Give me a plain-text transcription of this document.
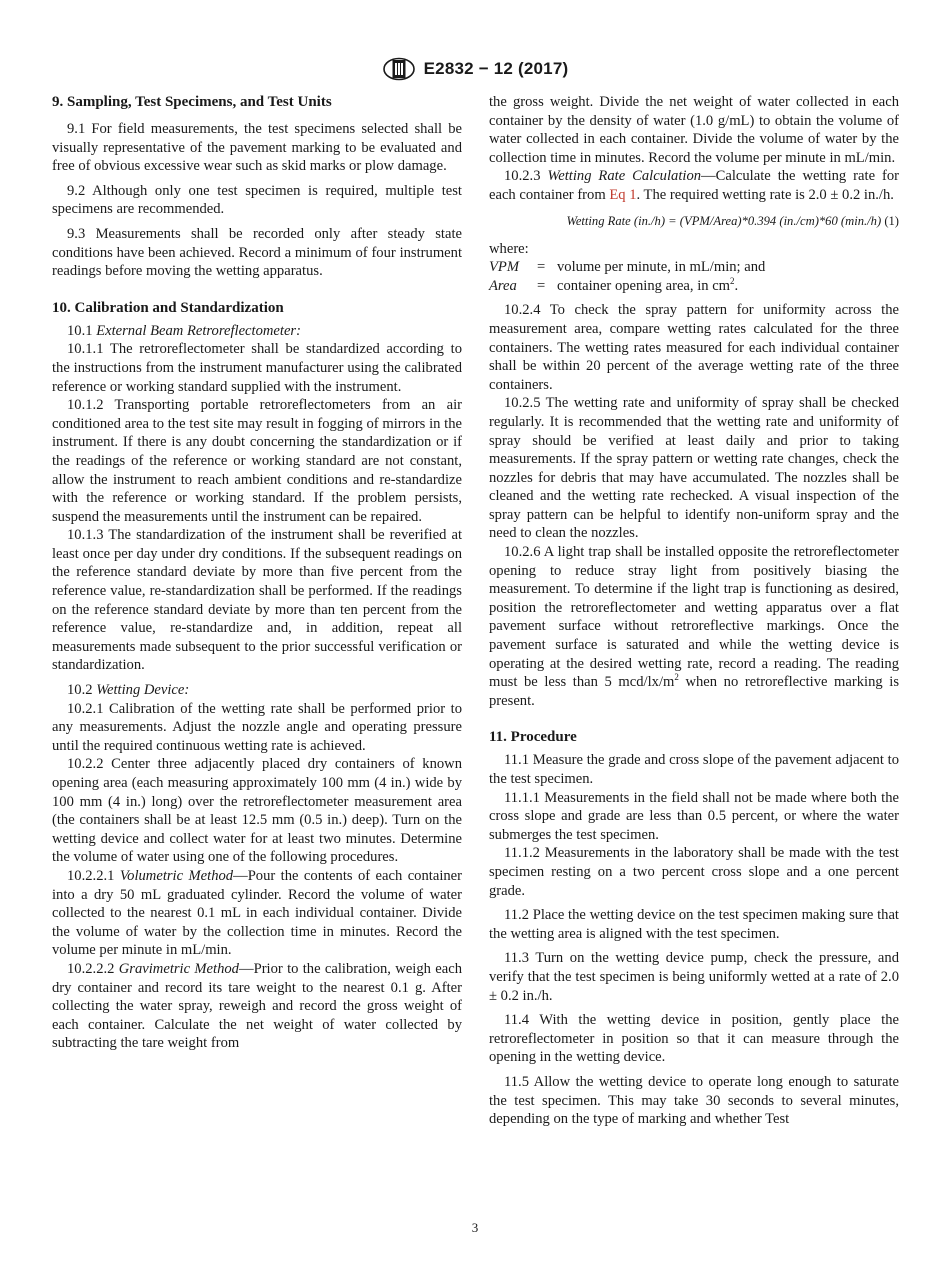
E2832 − 12 (2017)
9. Sampling, Test Specimens, and Test Units

9.1 For field measurements, the test specimens selected shall be visually representative of the pavement marking to be evaluated and free of obvious excessive wear such as skid marks or plow damage.

9.2 Although only one test specimen is required, multiple test specimens are recommended.

9.3 Measurements shall be recorded only after steady state conditions have been achieved. Record a minimum of four instrument readings before moving the wetting apparatus.

10. Calibration and Standardization

10.1 External Beam Retroreflectometer:

10.1.1 The retroreflectometer shall be standardized according to the instructions from the instrument manufacturer using the calibrated reference or working standard supplied with the instrument.

10.1.2 Transporting portable retroreflectometers from an air conditioned area to the test site may result in fogging of mirrors in the instrument. If there is any doubt concerning the standardization or if the readings of the reference or working standard are not constant, allow the instrument to reach ambient conditions and re-standardize with the reference or working standard. If the problem persists, suspend the measurements until the instrument can be repaired.

10.1.3 The standardization of the instrument shall be reverified at least once per day under dry conditions. If the subsequent readings on the reference standard deviate by more than five percent from the reference value, re-standardization shall be performed. If the readings on the reference standard deviate by more than ten percent from the reference value, re-standardize and, in addition, repeat all measurements made subsequent to the prior successful verification or standardization.

10.2 Wetting Device:

10.2.1 Calibration of the wetting rate shall be performed prior to any measurements. Adjust the nozzle angle and operating pressure until the required continuous wetting rate is achieved.

10.2.2 Center three adjacently placed dry containers of known opening area (each measuring approximately 100 mm (4 in.) wide by 100 mm (4 in.) long) over the retroreflectometer measurement area (the containers shall be at least 12.5 mm (0.5 in.) deep). Turn on the wetting device and collect water for at least two minutes. Determine the volume of water using one of the following procedures.

10.2.2.1 Volumetric Method—Pour the contents of each container into a dry 50 mL graduated cylinder. Record the volume of water collected to the nearest 0.1 mL in each individual container. Divide the volume of water by the collection time in minutes. Record the volume per minute in mL/min.

10.2.2.2 Gravimetric Method—Prior to the calibration, weigh each dry container and record its tare weight to the nearest 0.1 g. After collecting the water spray, reweigh and record the gross weight of each container. Calculate the net weight of water collected by subtracting the tare weight from

the gross weight. Divide the net weight of water collected in each container by the density of water (1.0 g/mL) to obtain the volume of water collected in each container. Divide the volume of water by the collection time in minutes. Record the volume per minute in mL/min.

10.2.3 Wetting Rate Calculation—Calculate the wetting rate for each container from Eq 1. The required wetting rate is 2.0 ± 0.2 in./h.

Wetting Rate (in./h) = (VPM/Area)*0.394 (in./cm)*60 (min./h) (1)

where:

VPM	= volume per minute, in mL/min; and
Area	= container opening area, in $cm^2$.

10.2.4 To check the spray pattern for uniformity across the measurement area, compare wetting rates calculated for the three containers. The wetting rates measured for each individual container shall be within 20 percent of the average wetting rate of the three containers.

10.2.5 The wetting rate and uniformity of spray shall be checked regularly. It is recommended that the wetting rate and uniformity of spray should be verified at least daily and prior to taking measurements. If the spray pattern or wetting rate changes, check the nozzles for debris that may have accumulated. The nozzles shall be cleaned and the wetting rate rechecked. A visual inspection of the spray pattern can be helpful to identify non-uniform spray and the need to clean the nozzles.

10.2.6 A light trap shall be installed opposite the retroreflectometer opening to reduce stray light from positively biasing the measurement. To determine if the light trap is functioning as desired, position the retroreflectometer and wetting apparatus over a flat pavement surface without retroreflective markings. Once the pavement surface is saturated and while the wetting device is operating at the desired wetting rate, record a reading. The reading must be less than 5 mcd/$lx/m^2$ when no retroreflective marking is present.

11. Procedure

11.1 Measure the grade and cross slope of the pavement adjacent to the test specimen.

11.1.1 Measurements in the field shall not be made where both the cross slope and grade are less than 0.5 percent, or where the water submerges the test specimen.

11.1.2 Measurements in the laboratory shall be made with the test specimen resting on a two percent cross slope and a one percent grade.

11.2 Place the wetting device on the test specimen making sure that the wetting area is aligned with the test specimen.

11.3 Turn on the wetting device pump, check the pressure, and verify that the test specimen is being uniformly wetted at a rate of 2.0 ± 0.2 in./h.

11.4 With the wetting device in position, gently place the retroreflectometer in position so that it can measure through the opening in the wetting device.

11.5 Allow the wetting device to operate long enough to saturate the test specimen. This may take 30 seconds to several minutes, depending on the type of marking and whether Test

3
